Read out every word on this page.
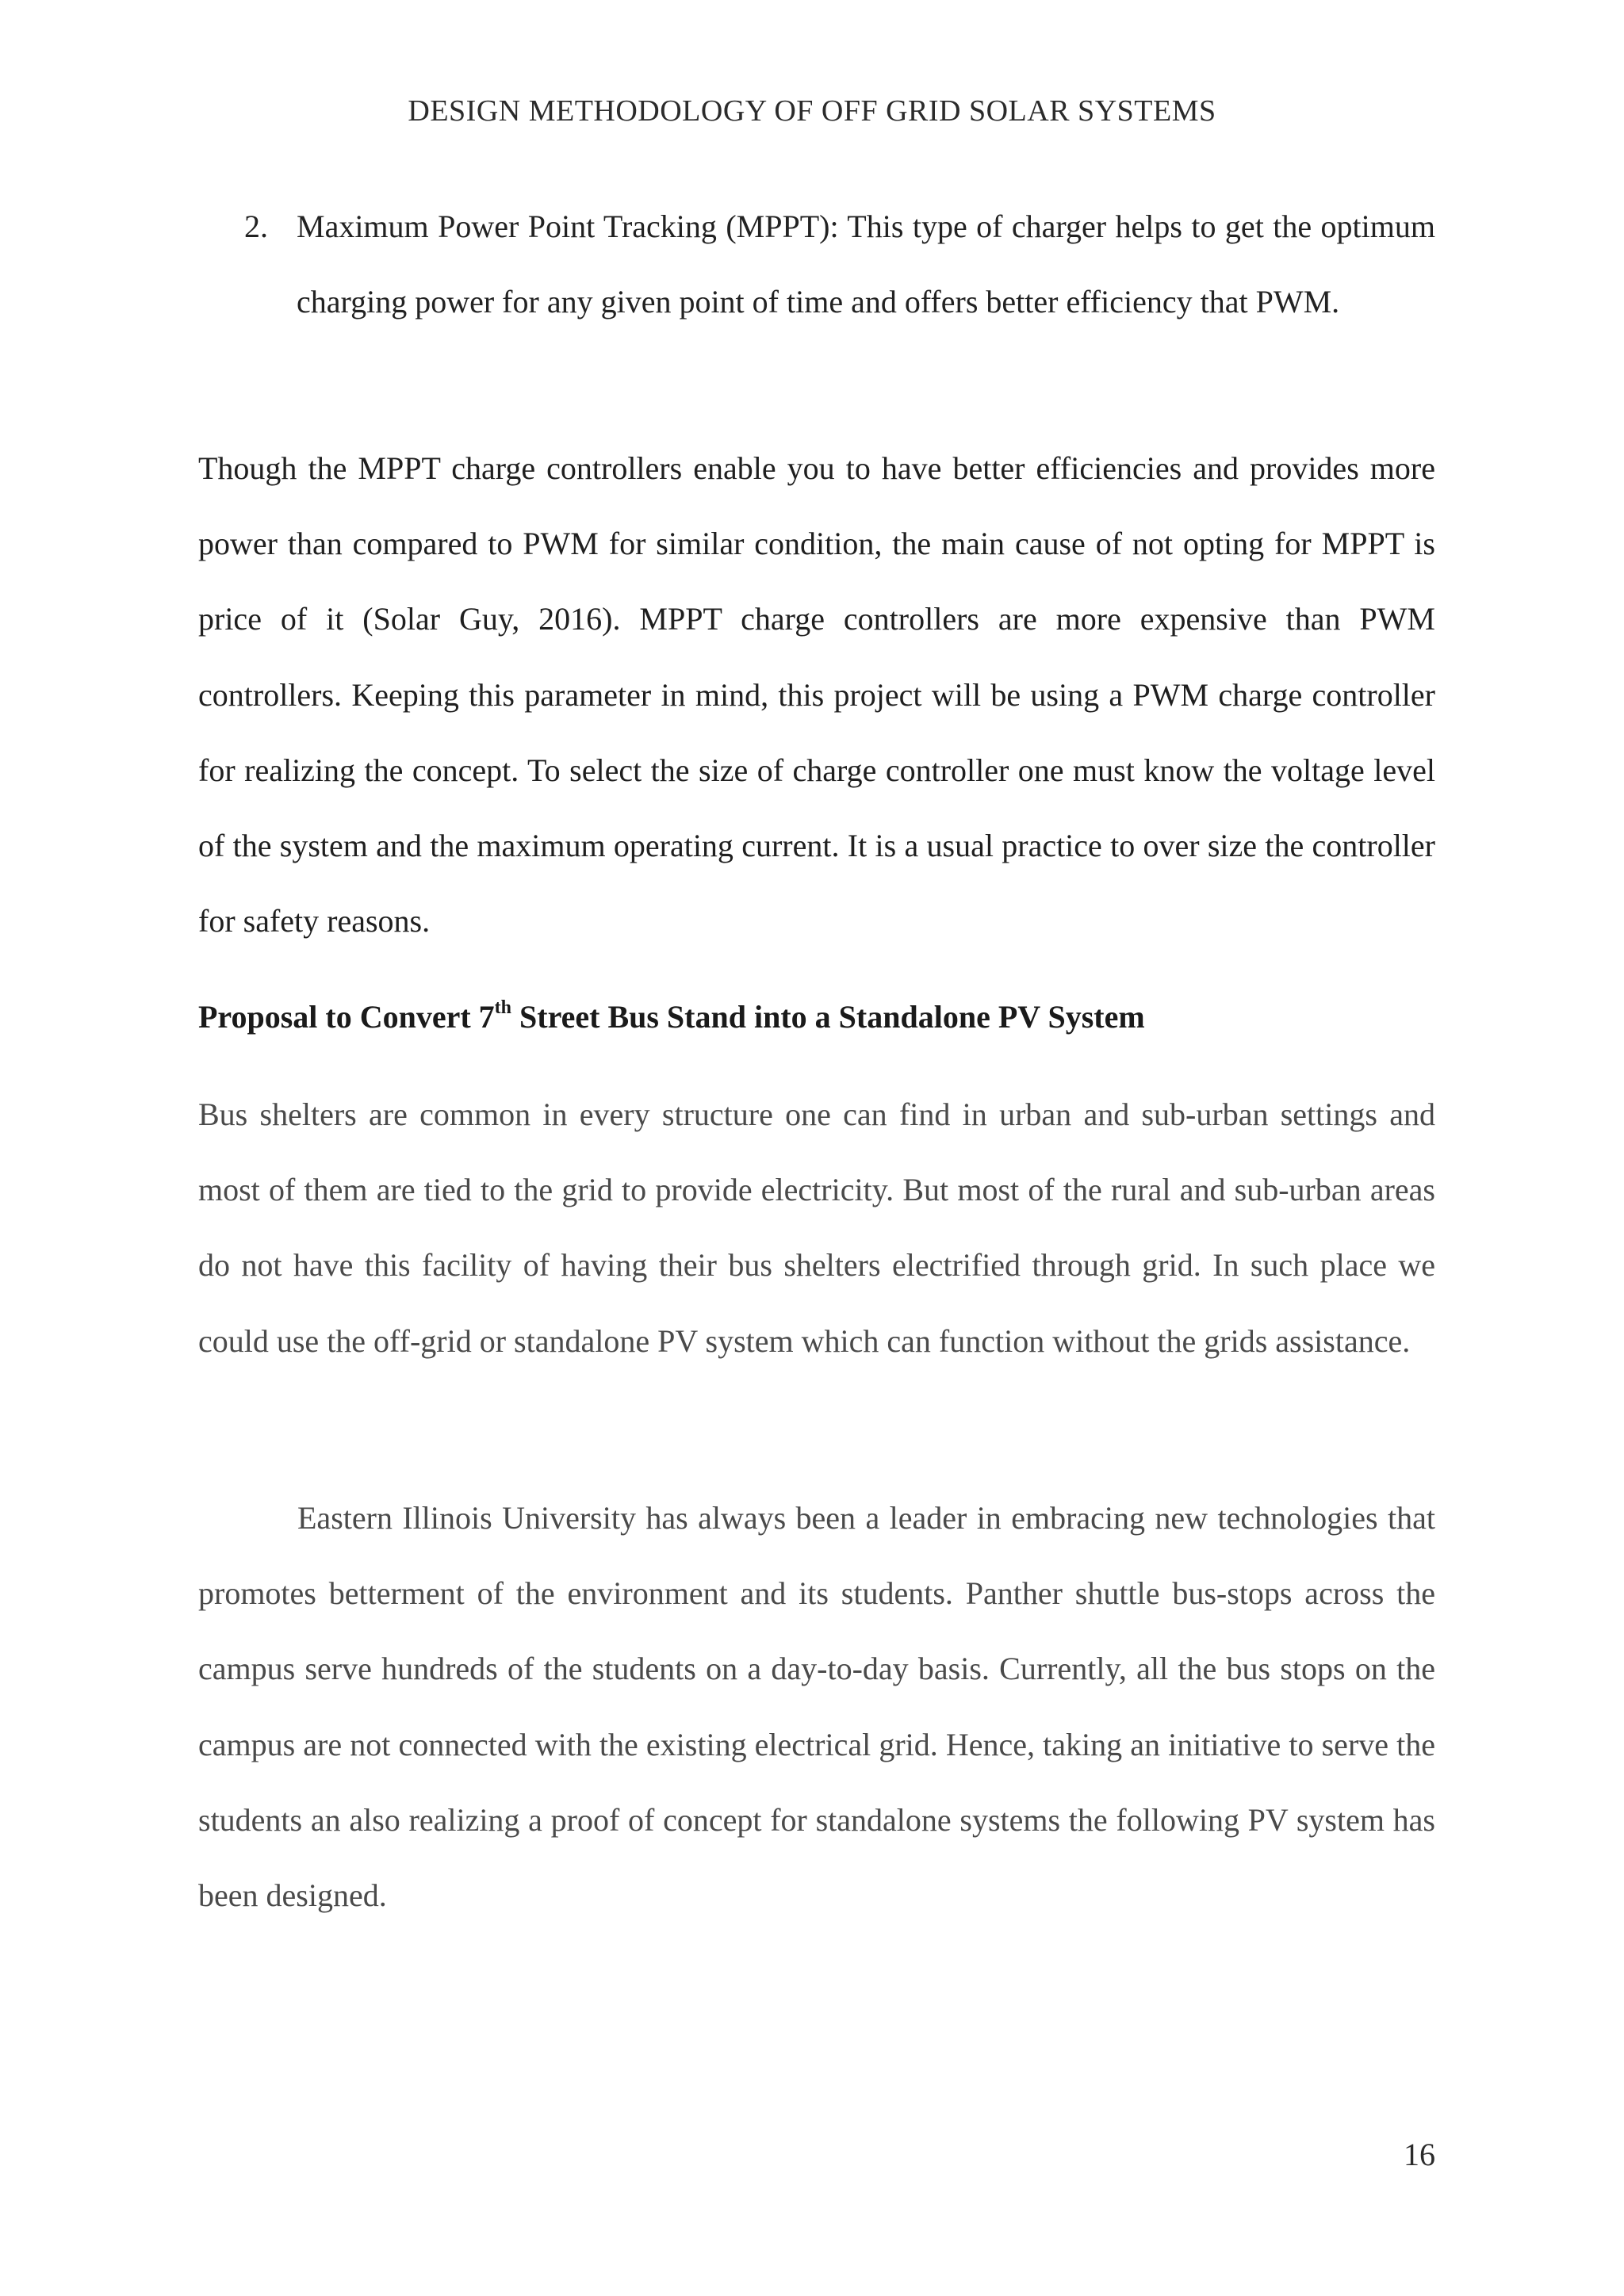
DESIGN METHODOLOGY OF OFF GRID SOLAR SYSTEMS
2. Maximum Power Point Tracking (MPPT): This type of charger helps to get the optimum charging power for any given point of time and offers better efficiency that PWM.
Though the MPPT charge controllers enable you to have better efficiencies and provides more power than compared to PWM for similar condition, the main cause of not opting for MPPT is price of it (Solar Guy, 2016). MPPT charge controllers are more expensive than PWM controllers. Keeping this parameter in mind, this project will be using a PWM charge controller for realizing the concept. To select the size of charge controller one must know the voltage level of the system and the maximum operating current. It is a usual practice to over size the controller for safety reasons.
Proposal to Convert 7th Street Bus Stand into a Standalone PV System
Bus shelters are common in every structure one can find in urban and sub-urban settings and most of them are tied to the grid to provide electricity. But most of the rural and sub-urban areas do not have this facility of having their bus shelters electrified through grid. In such place we could use the off-grid or standalone PV system which can function without the grids assistance.
Eastern Illinois University has always been a leader in embracing new technologies that promotes betterment of the environment and its students. Panther shuttle bus-stops across the campus serve hundreds of the students on a day-to-day basis. Currently, all the bus stops on the campus are not connected with the existing electrical grid. Hence, taking an initiative to serve the students an also realizing a proof of concept for standalone systems the following PV system has been designed.
16
